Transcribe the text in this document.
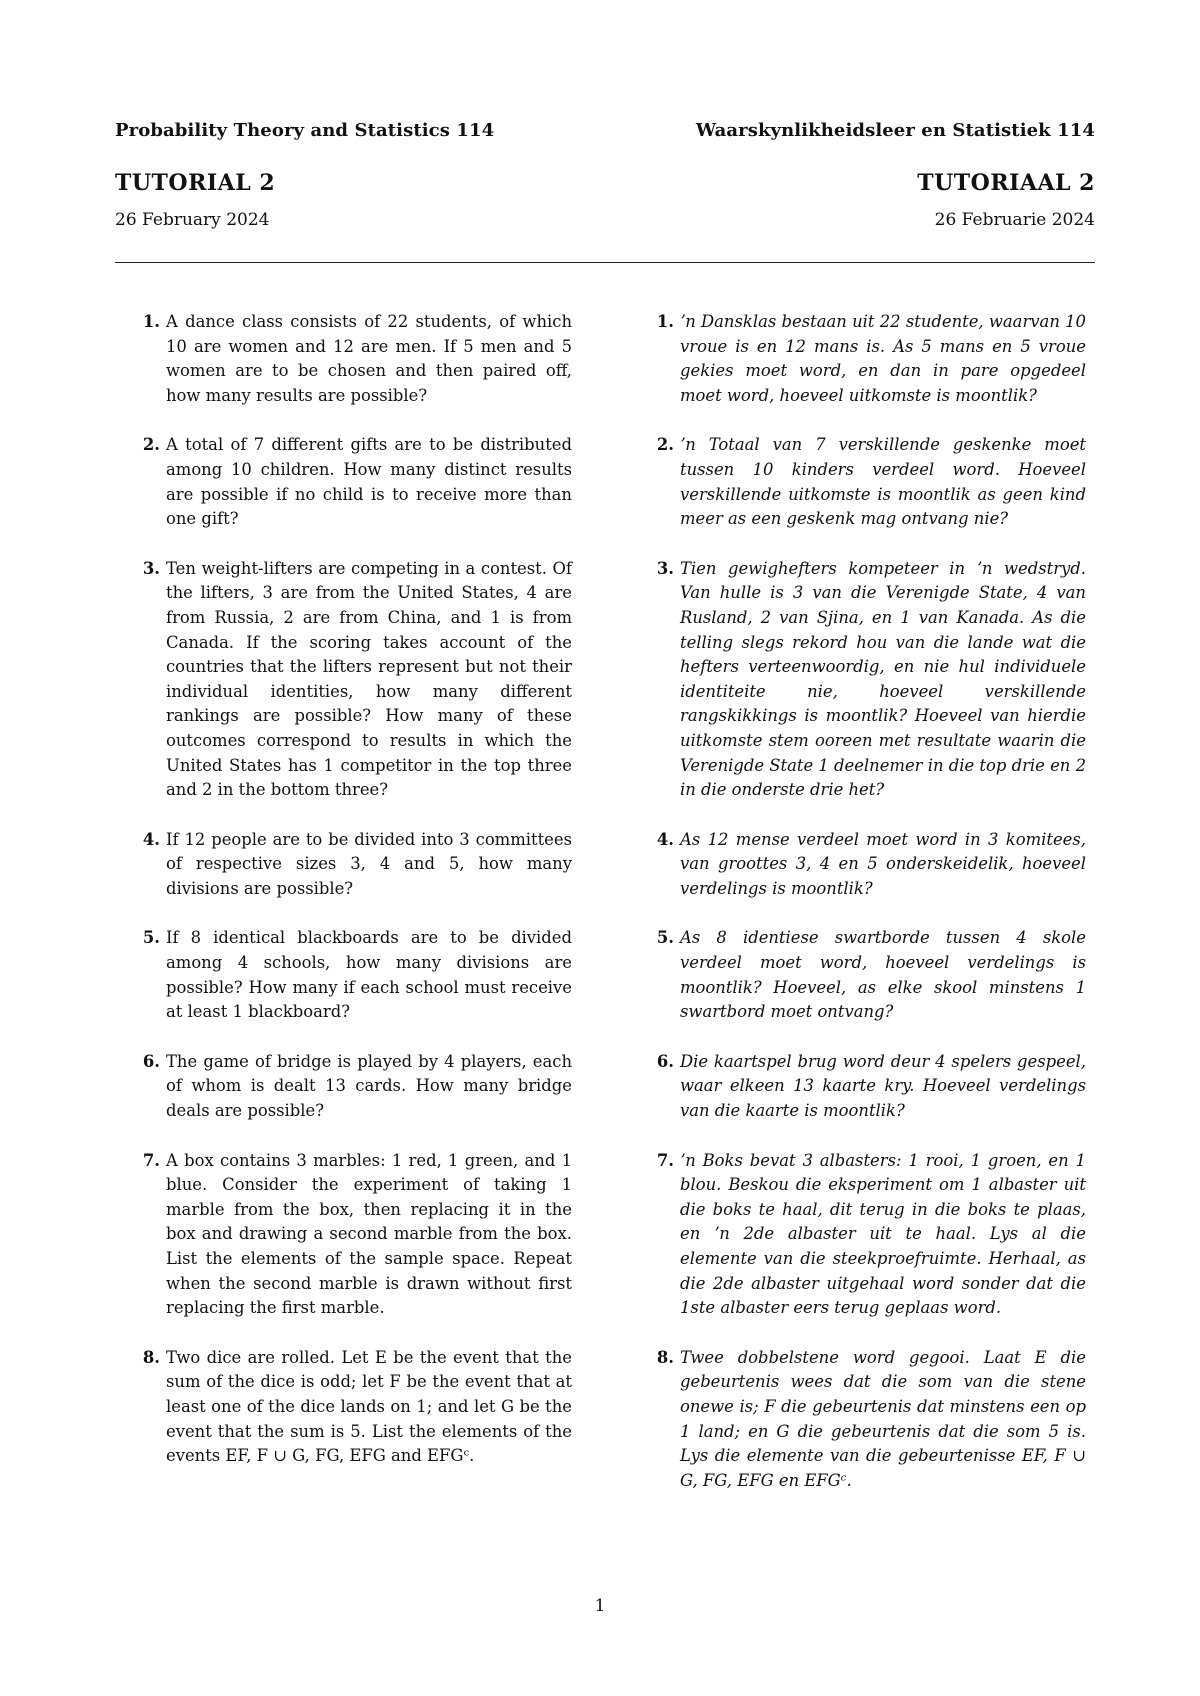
Probability Theory and Statistics 114	Waarskynlikheidsleer en Statistiek 114
TUTORIAL 2	TUTORIAAL 2
26 February 2024	26 Februarie 2024
1. A dance class consists of 22 students, of which 10 are women and 12 are men. If 5 men and 5 women are to be chosen and then paired off, how many results are possible?
2. A total of 7 different gifts are to be distributed among 10 children. How many distinct results are possible if no child is to receive more than one gift?
3. Ten weight-lifters are competing in a contest. Of the lifters, 3 are from the United States, 4 are from Russia, 2 are from China, and 1 is from Canada. If the scoring takes account of the countries that the lifters represent but not their individual identities, how many different rankings are possible? How many of these outcomes correspond to results in which the United States has 1 competitor in the top three and 2 in the bottom three?
4. If 12 people are to be divided into 3 committees of respective sizes 3, 4 and 5, how many divisions are possible?
5. If 8 identical blackboards are to be divided among 4 schools, how many divisions are possible? How many if each school must receive at least 1 blackboard?
6. The game of bridge is played by 4 players, each of whom is dealt 13 cards. How many bridge deals are possible?
7. A box contains 3 marbles: 1 red, 1 green, and 1 blue. Consider the experiment of taking 1 marble from the box, then replacing it in the box and drawing a second marble from the box. List the elements of the sample space. Repeat when the second marble is drawn without first replacing the first marble.
8. Two dice are rolled. Let E be the event that the sum of the dice is odd; let F be the event that at least one of the dice lands on 1; and let G be the event that the sum is 5. List the elements of the events EF, F ∪ G, FG, EFG and EFGᶜ.
1. ʼn Dansklas bestaan uit 22 studente, waarvan 10 vroue is en 12 mans is. As 5 mans en 5 vroue gekies moet word, en dan in pare opgedeel moet word, hoeveel uitkomste is moontlik?
2. ʼn Totaal van 7 verskillende geskenke moet tussen 10 kinders verdeel word. Hoeveel verskillende uitkomste is moontlik as geen kind meer as een geskenk mag ontvang nie?
3. Tien gewighefters kompeteer in ʼn wedstryd. Van hulle is 3 van die Verenigde State, 4 van Rusland, 2 van Sjina, en 1 van Kanada. As die telling slegs rekord hou van die lande wat die hefters verteenwoordig, en nie hul individuele identiteite nie, hoeveel verskillende rangskikkings is moontlik? Hoeveel van hierdie uitkomste stem ooreen met resultate waarin die Verenigde State 1 deelnemer in die top drie en 2 in die onderste drie het?
4. As 12 mense verdeel moet word in 3 komitees, van groottes 3, 4 en 5 onderskeidelik, hoeveel verdelings is moontlik?
5. As 8 identiese swartborde tussen 4 skole verdeel moet word, hoeveel verdelings is moontlik? Hoeveel, as elke skool minstens 1 swartbord moet ontvang?
6. Die kaartspel brug word deur 4 spelers gespeel, waar elkeen 13 kaarte kry. Hoeveel verdelings van die kaarte is moontlik?
7. ʼn Boks bevat 3 albasters: 1 rooi, 1 groen, en 1 blou. Beskou die eksperiment om 1 albaster uit die boks te haal, dit terug in die boks te plaas, en ʼn 2de albaster uit te haal. Lys al die elemente van die steekproefruimte. Herhaal, as die 2de albaster uitgehaal word sonder dat die 1ste albaster eers terug geplaas word.
8. Twee dobbelstene word gegooi. Laat E die gebeurtenis wees dat die som van die stene onewe is; F die gebeurtenis dat minstens een op 1 land; en G die gebeurtenis dat die som 5 is. Lys die elemente van die gebeurtenisse EF, F ∪ G, FG, EFG en EFGᶜ.
1
